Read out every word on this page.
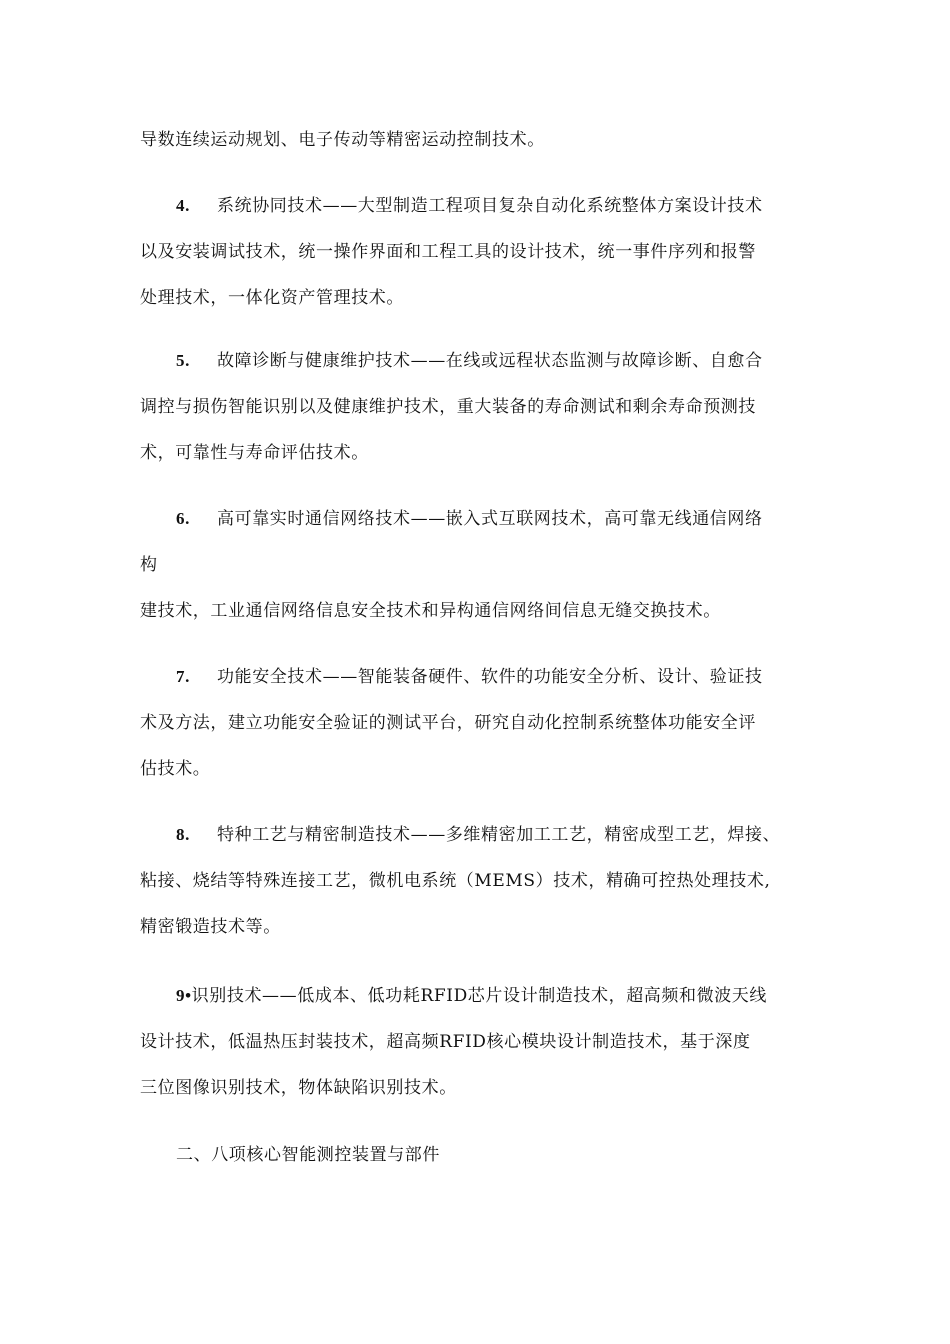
导数连续运动规划、电子传动等精密运动控制技术。
4. 系统协同技术——大型制造工程项目复杂自动化系统整体方案设计技术
以及安装调试技术，统一操作界面和工程工具的设计技术，统一事件序列和报警
处理技术，一体化资产管理技术。
5. 故障诊断与健康维护技术——在线或远程状态监测与故障诊断、自愈合
调控与损伤智能识别以及健康维护技术，重大装备的寿命测试和剩余寿命预测技
术，可靠性与寿命评估技术。
6. 高可靠实时通信网络技术——嵌入式互联网技术，高可靠无线通信网络
构
建技术，工业通信网络信息安全技术和异构通信网络间信息无缝交换技术。
7. 功能安全技术——智能装备硬件、软件的功能安全分析、设计、验证技
术及方法，建立功能安全验证的测试平台，研究自动化控制系统整体功能安全评
估技术。
8. 特种工艺与精密制造技术——多维精密加工工艺，精密成型工艺，焊接、
粘接、烧结等特殊连接工艺，微机电系统（MEMS）技术，精确可控热处理技术,
精密锻造技术等。
9•识别技术——低成本、低功耗RFID芯片设计制造技术，超高频和微波天线
设计技术，低温热压封装技术，超高频RFID核心模块设计制造技术，基于深度
三位图像识别技术，物体缺陷识别技术。
二、八项核心智能测控装置与部件
